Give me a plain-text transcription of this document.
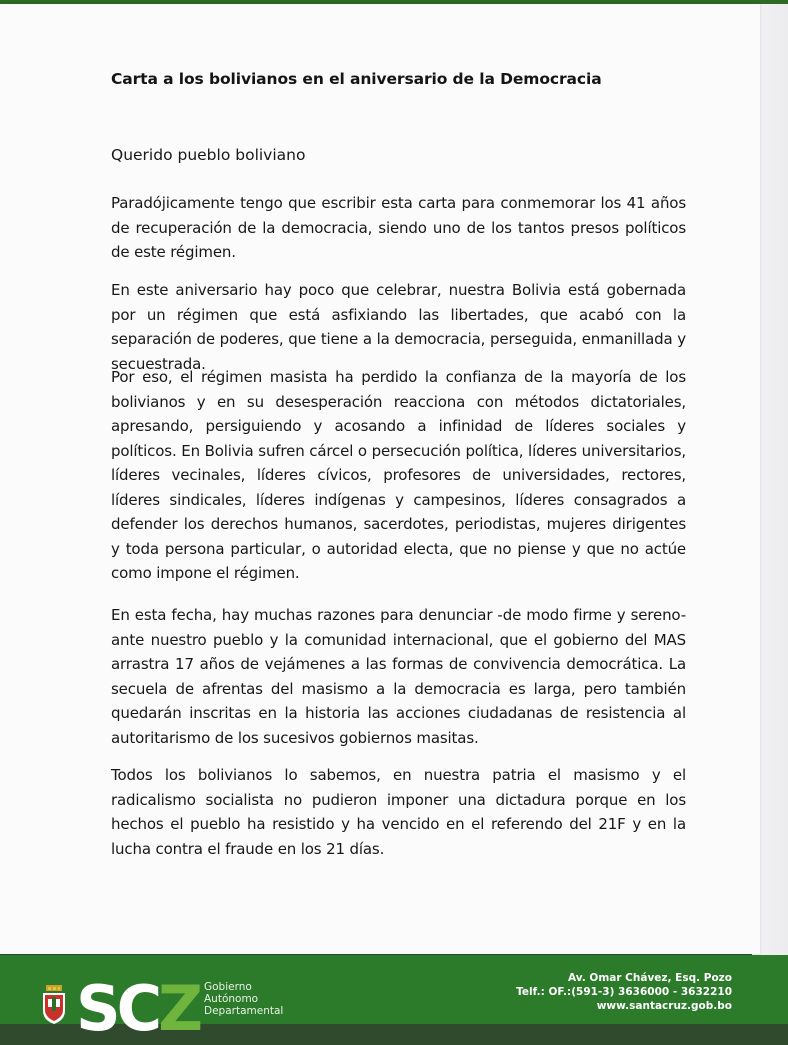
Carta a los bolivianos en el aniversario de la Democracia
Querido pueblo boliviano

Paradójicamente tengo que escribir esta carta para conmemorar los 41 años de recuperación de la democracia, siendo uno de los tantos presos políticos de este régimen.

En este aniversario hay poco que celebrar, nuestra Bolivia está gobernada por un régimen que está asfixiando las libertades, que acabó con la separación de poderes, que tiene a la democracia, perseguida, enmanillada y secuestrada.

Por eso, el régimen masista ha perdido la confianza de la mayoría de los bolivianos y en su desesperación reacciona con métodos dictatoriales, apresando, persiguiendo y acosando a infinidad de líderes sociales y políticos. En Bolivia sufren cárcel o persecución política, líderes universitarios, líderes vecinales, líderes cívicos, profesores de universidades, rectores, líderes sindicales, líderes indígenas y campesinos, líderes consagrados a defender los derechos humanos, sacerdotes, periodistas, mujeres dirigentes y toda persona particular, o autoridad electa, que no piense y que no actúe como impone el régimen.

En esta fecha, hay muchas razones para denunciar -de modo firme y sereno- ante nuestro pueblo y la comunidad internacional, que el gobierno del MAS arrastra 17 años de vejámenes a las formas de convivencia democrática. La secuela de afrentas del masismo a la democracia es larga, pero también quedarán inscritas en la historia las acciones ciudadanas de resistencia al autoritarismo de los sucesivos gobiernos masitas.

Todos los bolivianos lo sabemos, en nuestra patria el masismo y el radicalismo socialista no pudieron imponer una dictadura porque en los hechos el pueblo ha resistido y ha vencido en el referendo del 21F y en la lucha contra el fraude en los 21 días.

SCZ Gobierno
Autónomo
Departamental
Av. Omar Chávez, Esq. Pozo
Telf.: OF.:(591-3) 3636000 - 3632210
www.santacruz.gob.bo
